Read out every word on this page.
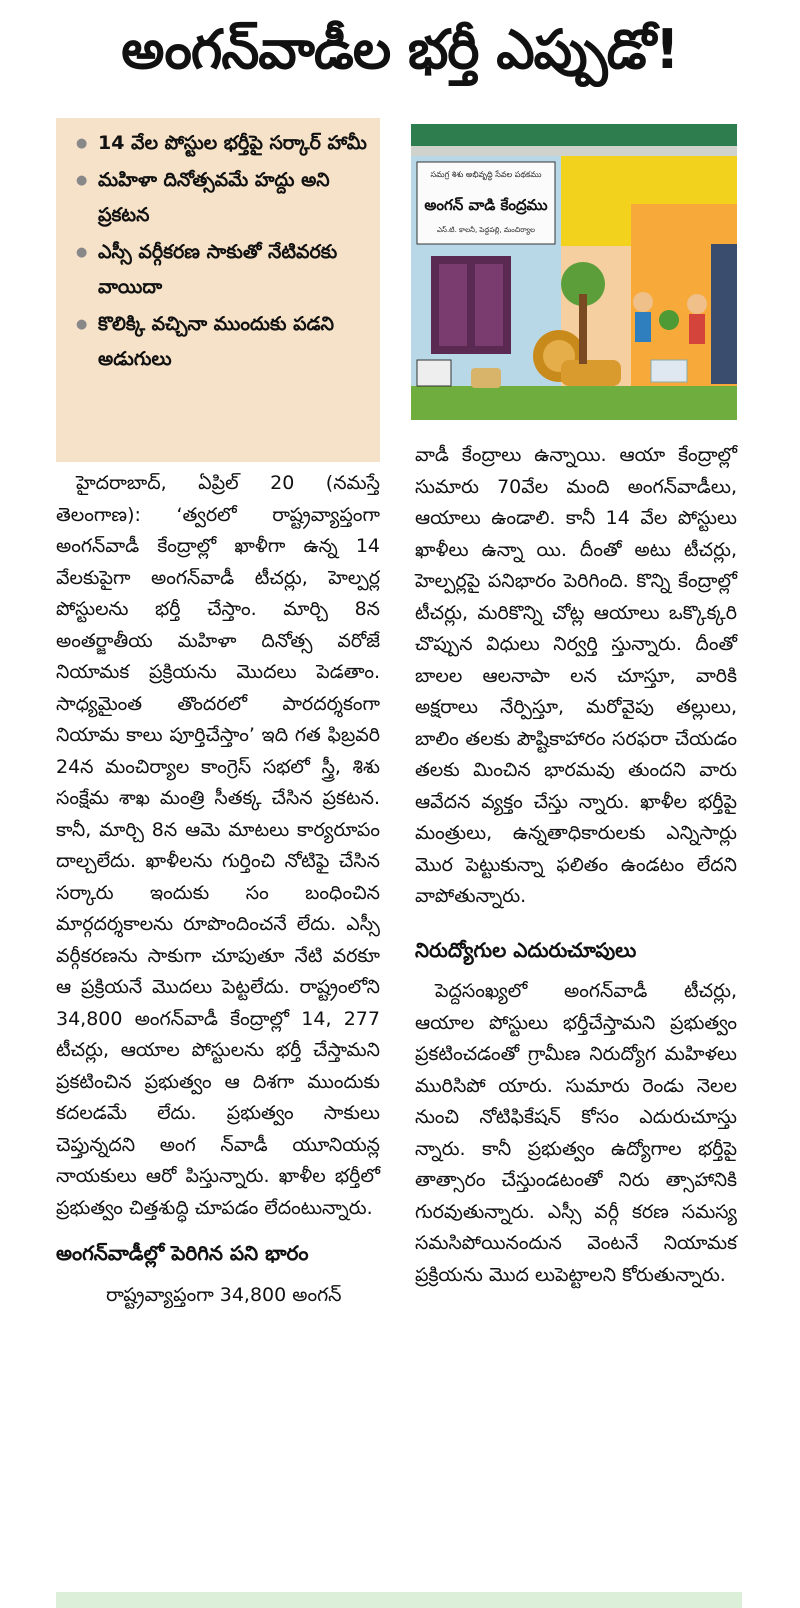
అంగన్‌వాడీల భర్తీ ఎప్పుడో!
● 14 వేల పోస్టుల భర్తీపై సర్కార్‌ హామీ
● మహిళా దినోత్సవమే హద్దు అని ప్రకటన
● ఎస్సీ వర్గీకరణ సాకుతో నేటివరకు వాయిదా
● కొలిక్కి వచ్చినా ముందుకు పడని అడుగులు
సమగ్ర శిశు అభివృద్ధి సేవల పథకము
అంగన్ వాడి కేంద్రము
ఎస్.టి. కాలనీ, పెద్దపల్లి, మంచిర్యాల

హైదరాబాద్‌, ఏప్రిల్‌ 20 (నమస్తే తెలంగాణ): ‘త్వరలో రాష్ట్రవ్యాప్తంగా అంగన్‌వాడీ కేంద్రాల్లో ఖాళీగా ఉన్న 14 వేలకుపైగా అంగన్‌వాడీ టీచర్లు, హెల్పర్ల పోస్టులను భర్తీ చేస్తాం. మార్చి 8న అంతర్జాతీయ మహిళా దినోత్స వరోజే నియామక ప్రక్రియను మొదలు పెడతాం. సాధ్యమైంత తొందరలో పారదర్శకంగా నియామ కాలు పూర్తిచేస్తాం’ ఇది గత ఫిబ్రవరి 24న మంచిర్యాల కాంగ్రెస్‌ సభలో స్త్రీ, శిశు సంక్షేమ శాఖ మంత్రి సీతక్క చేసిన ప్రకటన. కానీ, మార్చి 8న ఆమె మాటలు కార్యరూపం దాల్చలేదు. ఖాళీలను గుర్తించి నోటిఫై చేసిన సర్కారు ఇందుకు సం బంధించిన మార్గదర్శకాలను రూపొందించనే లేదు. ఎస్సీ వర్గీకరణను సాకుగా చూపుతూ నేటి వరకూ ఆ ప్రక్రియనే మొదలు పెట్టలేదు. రాష్ట్రంలోని 34,800 అంగన్‌వాడీ కేంద్రాల్లో 14, 277 టీచర్లు, ఆయాల పోస్టులను భర్తీ చేస్తామని ప్రకటించిన ప్రభుత్వం ఆ దిశగా ముందుకు కదలడమే లేదు. ప్రభుత్వం సాకులు చెప్తున్నదని అంగ న్‌వాడీ యూనియన్ల నాయకులు ఆరో పిస్తున్నారు. ఖాళీల భర్తీలో ప్రభుత్వం చిత్తశుద్ధి చూపడం లేదంటున్నారు.

అంగన్‌వాడీల్లో పెరిగిన పని భారం

రాష్ట్రవ్యాప్తంగా 34,800 అంగన్‌

వాడీ కేంద్రాలు ఉన్నాయి. ఆయా కేంద్రాల్లో సుమారు 70వేల మంది అంగన్‌వాడీలు, ఆయాలు ఉండాలి. కానీ 14 వేల పోస్టులు ఖాళీలు ఉన్నా యి. దీంతో అటు టీచర్లు, హెల్పర్లపై పనిభారం పెరిగింది. కొన్ని కేంద్రాల్లో టీచర్లు, మరికొన్ని చోట్ల ఆయాలు ఒక్కొక్కరి చొప్పున విధులు నిర్వర్తి స్తున్నారు. దీంతో బాలల ఆలనాపా లన చూస్తూ, వారికి అక్షరాలు నేర్పిస్తూ, మరోవైపు తల్లులు, బాలిం తలకు పౌష్టికాహారం సరఫరా చేయడం తలకు మించిన భారమవు తుందని వారు ఆవేదన వ్యక్తం చేస్తు న్నారు. ఖాళీల భర్తీపై మంత్రులు, ఉన్నతాధికారులకు ఎన్నిసార్లు మొర పెట్టుకున్నా ఫలితం ఉండటం లేదని వాపోతున్నారు.

నిరుద్యోగుల ఎదురుచూపులు

పెద్దసంఖ్యలో అంగన్‌వాడీ టీచర్లు, ఆయాల పోస్టులు భర్తీచేస్తామని ప్రభుత్వం ప్రకటించడంతో గ్రామీణ నిరుద్యోగ మహిళలు మురిసిపో యారు. సుమారు రెండు నెలల నుంచి నోటిఫికేషన్‌ కోసం ఎదురుచూస్తు న్నారు. కానీ ప్రభుత్వం ఉద్యోగాల భర్తీపై తాత్సారం చేస్తుండటంతో నిరు త్సాహానికి గురవుతున్నారు. ఎస్సీ వర్గీ కరణ సమస్య సమసిపోయినందున వెంటనే నియామక ప్రక్రియను మొద లుపెట్టాలని కోరుతున్నారు.
